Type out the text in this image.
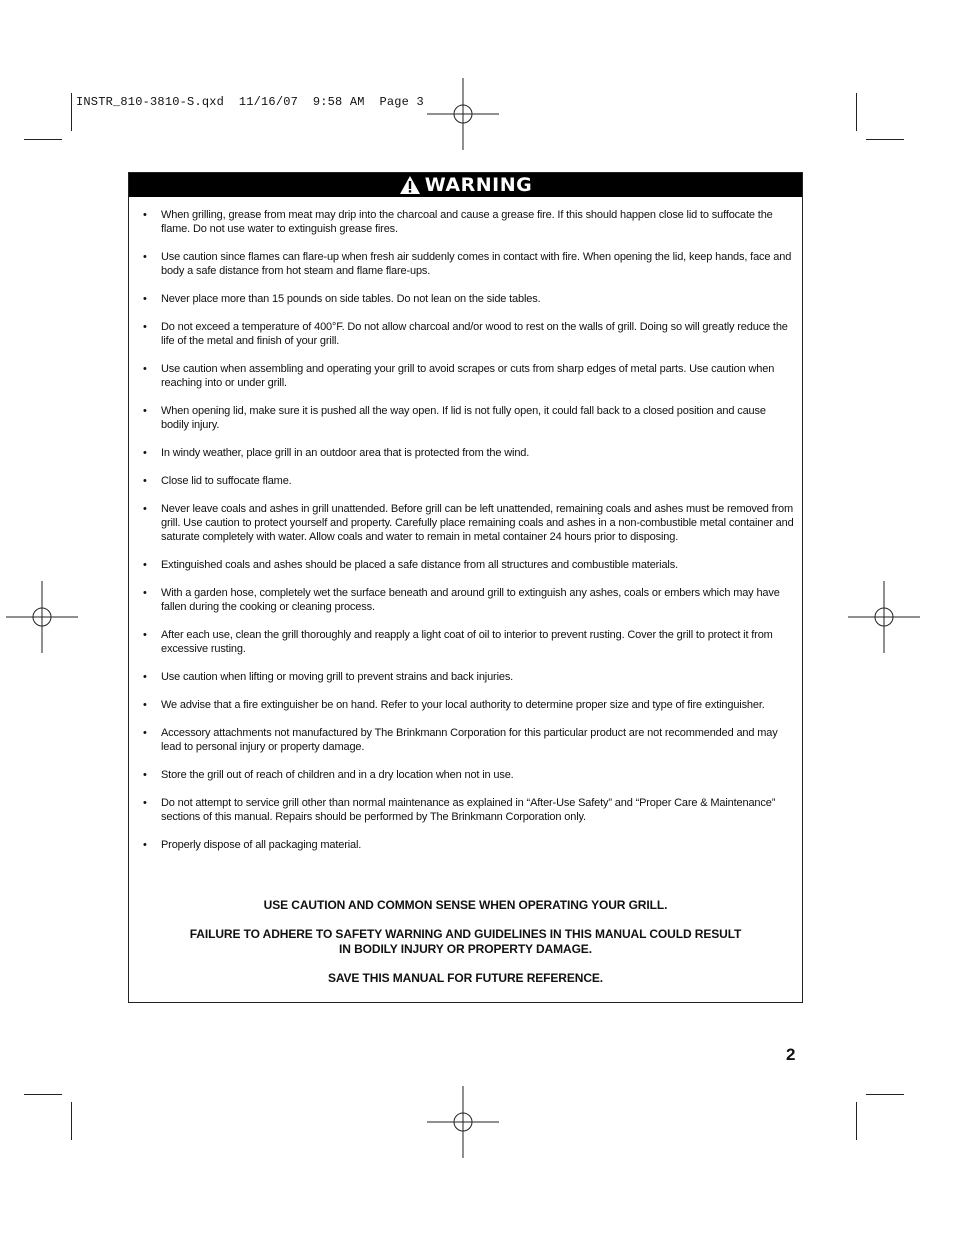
INSTR_810-3810-S.qxd  11/16/07  9:58 AM  Page 3
WARNING
• When grilling, grease from meat may drip into the charcoal and cause a grease fire. If this should happen close lid to suffocate the flame. Do not use water to extinguish grease fires.
• Use caution since flames can flare-up when fresh air suddenly comes in contact with fire. When opening the lid, keep hands, face and body a safe distance from hot steam and flame flare-ups.
• Never place more than 15 pounds on side tables. Do not lean on the side tables.
• Do not exceed a temperature of 400°F. Do not allow charcoal and/or wood to rest on the walls of grill. Doing so will greatly reduce the life of the metal and finish of your grill.
• Use caution when assembling and operating your grill to avoid scrapes or cuts from sharp edges of metal parts. Use caution when reaching into or under grill.
• When opening lid, make sure it is pushed all the way open. If lid is not fully open, it could fall back to a closed position and cause bodily injury.
• In windy weather, place grill in an outdoor area that is protected from the wind.
• Close lid to suffocate flame.
• Never leave coals and ashes in grill unattended. Before grill can be left unattended, remaining coals and ashes must be removed from grill. Use caution to protect yourself and property. Carefully place remaining coals and ashes in a non-combustible metal container and saturate completely with water. Allow coals and water to remain in metal container 24 hours prior to disposing.
• Extinguished coals and ashes should be placed a safe distance from all structures and combustible materials.
• With a garden hose, completely wet the surface beneath and around grill to extinguish any ashes, coals or embers which may have fallen during the cooking or cleaning process.
• After each use, clean the grill thoroughly and reapply a light coat of oil to interior to prevent rusting. Cover the grill to protect it from excessive rusting.
• Use caution when lifting or moving grill to prevent strains and back injuries.
• We advise that a fire extinguisher be on hand. Refer to your local authority to determine proper size and type of fire extinguisher.
• Accessory attachments not manufactured by The Brinkmann Corporation for this particular product are not recommended and may lead to personal injury or property damage.
• Store the grill out of reach of children and in a dry location when not in use.
• Do not attempt to service grill other than normal maintenance as explained in “After-Use Safety” and “Proper Care & Maintenance” sections of this manual. Repairs should be performed by The Brinkmann Corporation only.
• Properly dispose of all packaging material.
USE CAUTION AND COMMON SENSE WHEN OPERATING YOUR GRILL.
FAILURE TO ADHERE TO SAFETY WARNING AND GUIDELINES IN THIS MANUAL COULD RESULT
IN BODILY INJURY OR PROPERTY DAMAGE.
SAVE THIS MANUAL FOR FUTURE REFERENCE.
2
